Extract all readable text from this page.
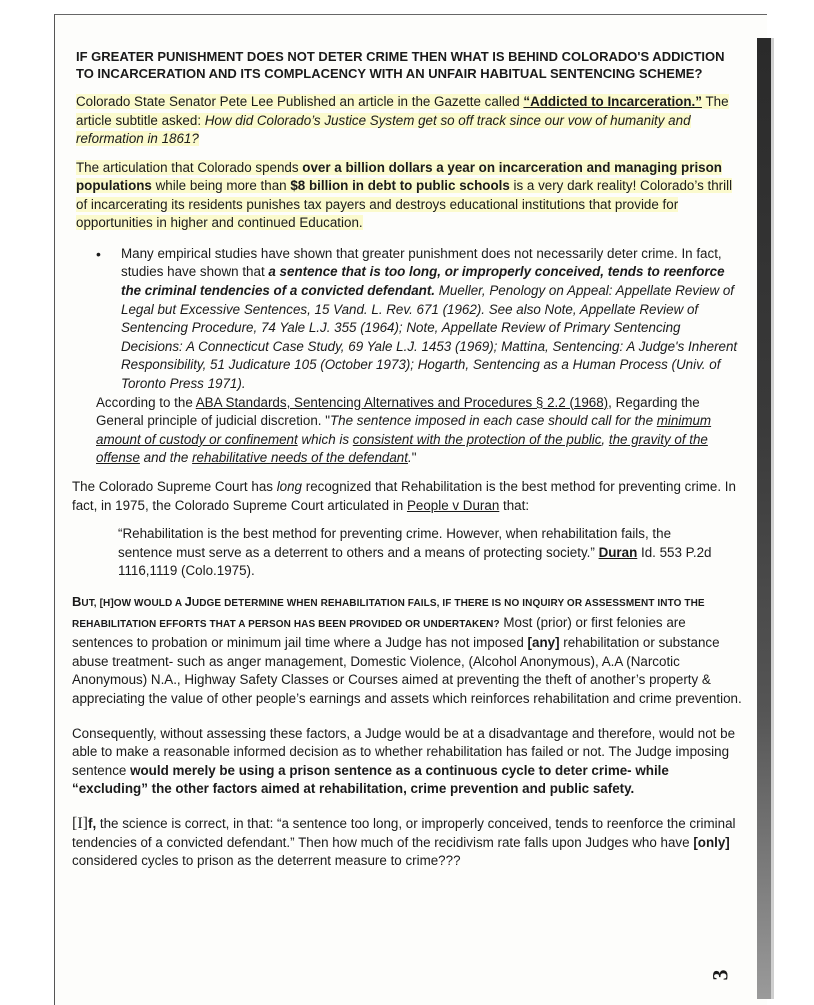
IF GREATER PUNISHMENT DOES NOT DETER CRIME THEN WHAT IS BEHIND COLORADO'S ADDICTION TO INCARCERATION AND ITS COMPLACENCY WITH AN UNFAIR HABITUAL SENTENCING SCHEME?

Colorado State Senator Pete Lee Published an article in the Gazette called “Addicted to Incarceration.” The article subtitle asked: How did Colorado’s Justice System get so off track since our vow of humanity and reformation in 1861?

The articulation that Colorado spends over a billion dollars a year on incarceration and managing prison populations while being more than $8 billion in debt to public schools is a very dark reality! Colorado’s thrill of incarcerating its residents punishes tax payers and destroys educational institutions that provide for opportunities in higher and continued Education.

•	Many empirical studies have shown that greater punishment does not necessarily deter crime. In fact, studies have shown that a sentence that is too long, or improperly conceived, tends to reenforce the criminal tendencies of a convicted defendant. Mueller, Penology on Appeal: Appellate Review of Legal but Excessive Sentences, 15 Vand. L. Rev. 671 (1962). See also Note, Appellate Review of Sentencing Procedure, 74 Yale L.J. 355 (1964); Note, Appellate Review of Primary Sentencing Decisions: A Connecticut Case Study, 69 Yale L.J. 1453 (1969); Mattina, Sentencing: A Judge's Inherent Responsibility, 51 Judicature 105 (October 1973); Hogarth, Sentencing as a Human Process (Univ. of Toronto Press 1971).

According to the ABA Standards, Sentencing Alternatives and Procedures § 2.2 (1968), Regarding the General principle of judicial discretion. "The sentence imposed in each case should call for the minimum amount of custody or confinement which is consistent with the protection of the public, the gravity of the offense and the rehabilitative needs of the defendant."

The Colorado Supreme Court has long recognized that Rehabilitation is the best method for preventing crime. In fact, in 1975, the Colorado Supreme Court articulated in People v Duran that:

“Rehabilitation is the best method for preventing crime. However, when rehabilitation fails, the sentence must serve as a deterrent to others and a means of protecting society.” Duran Id. 553 P.2d 1116,1119 (Colo.1975).

BUT, [H]OW WOULD A JUDGE DETERMINE WHEN REHABILITATION FAILS, IF THERE IS NO INQUIRY OR ASSESSMENT INTO THE REHABILITATION EFFORTS THAT A PERSON HAS BEEN PROVIDED OR UNDERTAKEN? Most (prior) or first felonies are sentences to probation or minimum jail time where a Judge has not imposed [any] rehabilitation or substance abuse treatment- such as anger management, Domestic Violence, (Alcohol Anonymous), A.A (Narcotic Anonymous) N.A., Highway Safety Classes or Courses aimed at preventing the theft of another’s property & appreciating the value of other people’s earnings and assets which reinforces rehabilitation and crime prevention.

Consequently, without assessing these factors, a Judge would be at a disadvantage and therefore, would not be able to make a reasonable informed decision as to whether rehabilitation has failed or not. The Judge imposing sentence would merely be using a prison sentence as a continuous cycle to deter crime- while “excluding” the other factors aimed at rehabilitation, crime prevention and public safety.

[I]f, the science is correct, in that: “a sentence too long, or improperly conceived, tends to reenforce the criminal tendencies of a convicted defendant.” Then how much of the recidivism rate falls upon Judges who have [only] considered cycles to prison as the deterrent measure to crime???

3
